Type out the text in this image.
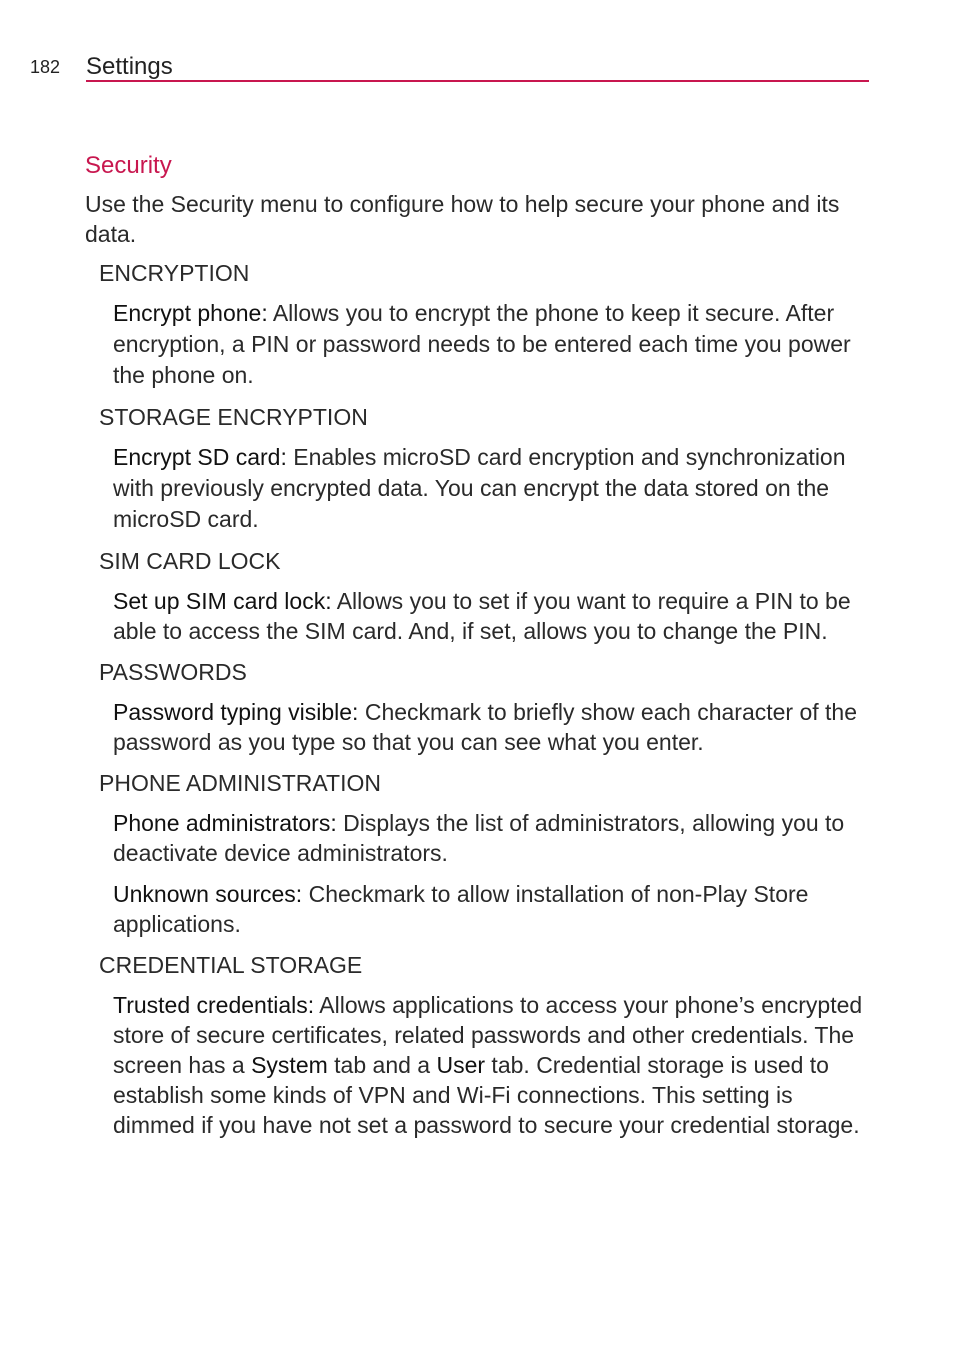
182 Settings
Security
Use the Security menu to configure how to help secure your phone and its data.
ENCRYPTION
Encrypt phone: Allows you to encrypt the phone to keep it secure. After encryption, a PIN or password needs to be entered each time you power the phone on.
STORAGE ENCRYPTION
Encrypt SD card: Enables microSD card encryption and synchronization with previously encrypted data. You can encrypt the data stored on the microSD card.
SIM CARD LOCK
Set up SIM card lock: Allows you to set if you want to require a PIN to be able to access the SIM card. And, if set, allows you to change the PIN.
PASSWORDS
Password typing visible: Checkmark to briefly show each character of the password as you type so that you can see what you enter.
PHONE ADMINISTRATION
Phone administrators: Displays the list of administrators, allowing you to deactivate device administrators.
Unknown sources: Checkmark to allow installation of non-Play Store applications.
CREDENTIAL STORAGE
Trusted credentials: Allows applications to access your phone’s encrypted store of secure certificates, related passwords and other credentials. The screen has a System tab and a User tab. Credential storage is used to establish some kinds of VPN and Wi-Fi connections. This setting is dimmed if you have not set a password to secure your credential storage.
